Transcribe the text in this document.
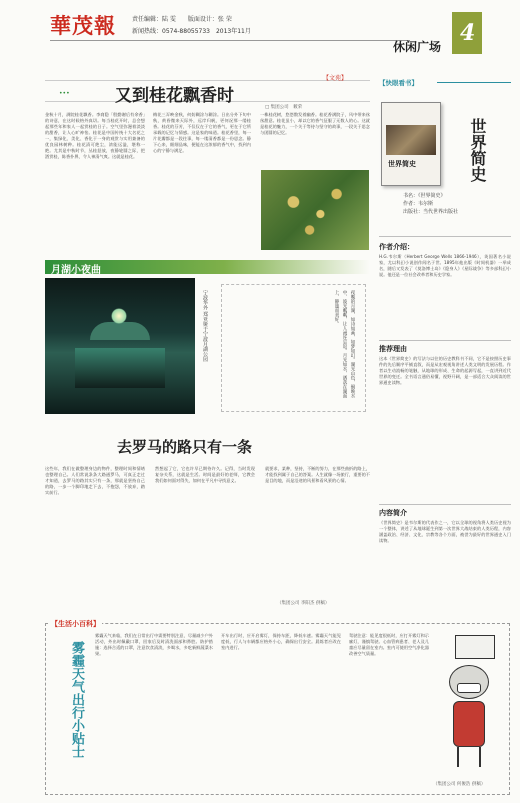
華茂報	责任编辑：陆 雯　　版面设计：张 荣
新闻热线：0574-88055733　2013年11月
休闲广场
4
•••	又到桂花飘香时
【文苑】
□ 集团公司　薮荣
金秋十月，满院桂花飘香。李商隐「殷勤谢后有余香」的诗意，在这时候格外真切。每当桂花开时，总会想起那些年和家人一起赏桂的日子。空气里弥漫着淡淡的甜香，让人心旷神怡。桂花是中国传统十大名花之一，集绿化、美化、香化于一身的观赏与实用兼备的优良园林树种。桂花清可绝尘，浓能远溢，堪称一绝。尤其是中秋时节，丛桂怒放，夜静轮圆之际，把酒赏桂，陈香扑鼻，令人神清气爽。这就是桂花。
梅花三弄映金秋，何妨糊涂与糊涂。日出分外下旬中秋，黄昏微来天际外，远岸归帆，更何况那一缕桂香。桂花的芬芳，不仅仅在于它的香气，更在于它所承载的记忆与情感。这是家的味道。桂花香里，每一片花瓣都是一段往事，每一缕清香都是一份思念。静下心来，细细品味，便能在这浓郁的香气中，找到内心的宁静与满足。
一株桂花树，悠悠散发着幽香。桂花香满院子，风中带来丝丝甜意。桂花虽小，却以它的香气征服了无数人的心。这就是桂花的魅力，一个关于等待与坚守的故事，一段关于思念与团圆的记忆。
月湖小夜曲
宁波华外 郑亚娅于宁波月湖公园	夜晚的月湖，如诗如画，如梦如幻。湖光山色，倒映水中，波光粼粼，让人流连忘返。月光如水，洒落在湖面上，静谧而美好。
去罗马的路只有一条
这些年，我们在做整理身边的物件，整理时间和情绪也整理自己。人们常说条条大路通罗马，可真正走过才知道，去罗马的路其实只有一条，那就是坚持自己的路，一步一个脚印地走下去，不抱怨，不放弃，踏实前行。
然想起了它，它也许早已期待许久。记得，当时发现复杂关系，这就是生活。时间是最好的老师，它教会我们如何面对得失，如何在平凡中寻找意义。
就要求，某种，坚持，不断的努力，在那些曲折的路上，才能找到属于自己的答案。人生就像一场旅行，重要的不是目的地，而是沿途的风景和看风景的心情。
（集团公司 李阳杰 供稿）
【生活小百科】
雾霾天气出行小贴士
雾霾天气来临，我们在日常出行中需要特别注意，尽量减少户外活动，外出时佩戴口罩，回家后及时清洗面部和鼻腔。防护措施：选择合适的口罩，注意饮食清淡，多喝水，多吃新鲜蔬菜水果。
开车出行时，应开启雾灯，保持车距，降低车速。雾霾天气能见度低，行人与车辆都应格外小心，确保出行安全。晨练者应改在室内进行。
驾驶注意：能见度很低时，应打开雾灯和示廓灯，谨慎驾驶。心血管病患者、老人及儿童应尽量留在室内。室内可使用空气净化器改善空气质量。
（集团公司 何俊浩 供稿）
【快眼看书】
世界简史	世界简史
书名：《世界简史》
作者：韦尔斯
出版社：当代世界出版社
作者介绍：
H.G.韦尔斯（Herbert George Wells 1866-1946），英国著名小说家，尤以科幻小说创作闻名于世。1895年他出版《时间机器》一举成名，随后又发表了《莫洛博士岛》《隐身人》《星际战争》等多部科幻小说。他还是一位社会改革者和历史学家。
推荐理由
这本《世界简史》的写法与以往的历史教科书不同，它不是按照历史事件的先后顺序平铺直叙，而是从宏观视角讲述人类文明的发展历程。作者以生动流畅的笔触，从地球的形成、生命的起源写起，一直讲到近代世界的变迁。全书语言通俗易懂，视野开阔，是一部适合大众阅读的世界通史读物。
内容简介
《世界简史》是韦尔斯的代表作之一，它以全球的视角将人类历史视为一个整体，讲述了从地球诞生到第一次世界大战结束的人类历程，内容涵盖政治、经济、文化、宗教等各个方面，被誉为最好的世界通史入门读物。
